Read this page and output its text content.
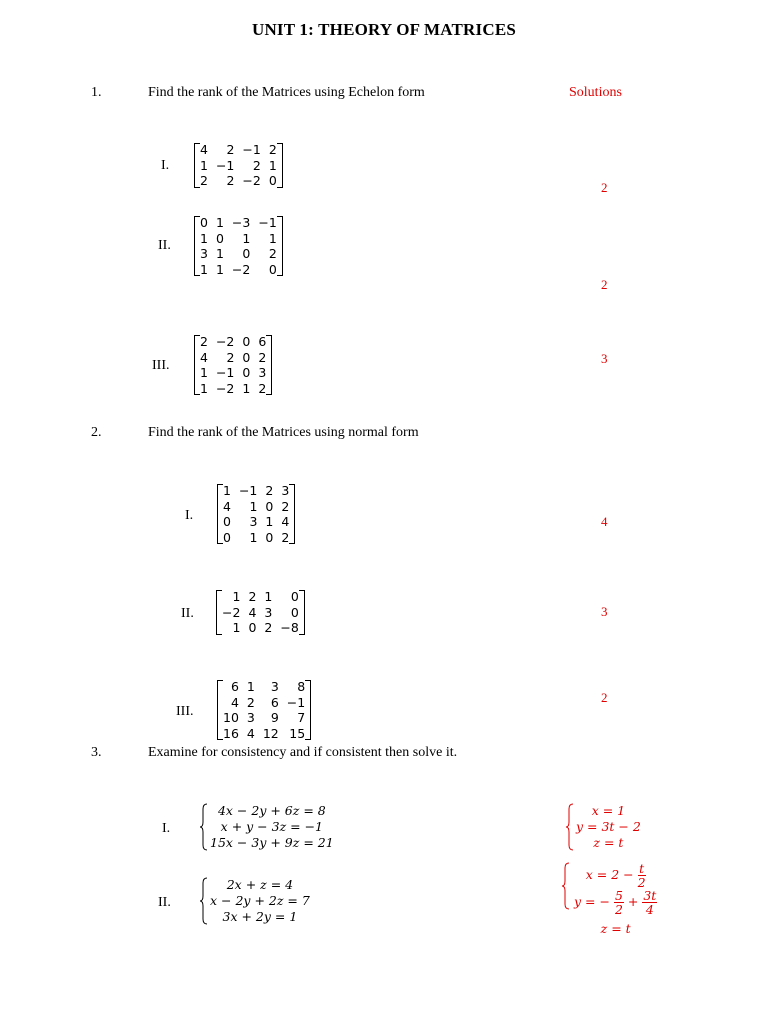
UNIT 1: THEORY OF MATRICES
1.	Find the rank of the Matrices using Echelon form	Solutions
I.
4	2 −1 2
1 −1	2 1
2	2 −2 0	2
II.
0 1 −3 −1
1 0	1	1
3 1	0	2
1 1 −2	0
2
III.
2 −2 0 6
4	2 0 2
1 −1 0 3
1 −2 1 2
3
2.	Find the rank of the Matrices using normal form
I.
1 −1 2 3
4	1 0 2
0	3 1 4
0	1 0 2
4
II.
1 2 1	0
−2 4 3	0
1 0 2 −8
3
III.
6 1	3	8
4 2	6 −1
10 3	9	7
16 4 12 15
2
3.	Examine for consistency and if consistent then solve it.
I.
4x − 2y + 6z = 8
x + y − 3z = −1
15x − 3y + 9z = 21
x = 1
y = 3t − 2
z = t
II.
2x + z = 4
x − 2y + 2z = 7
3x + 2y = 1
$x = 2 - \frac{t}{2}$
y = − $\frac{5}{2} + \frac{3t}{4}$
z = t
